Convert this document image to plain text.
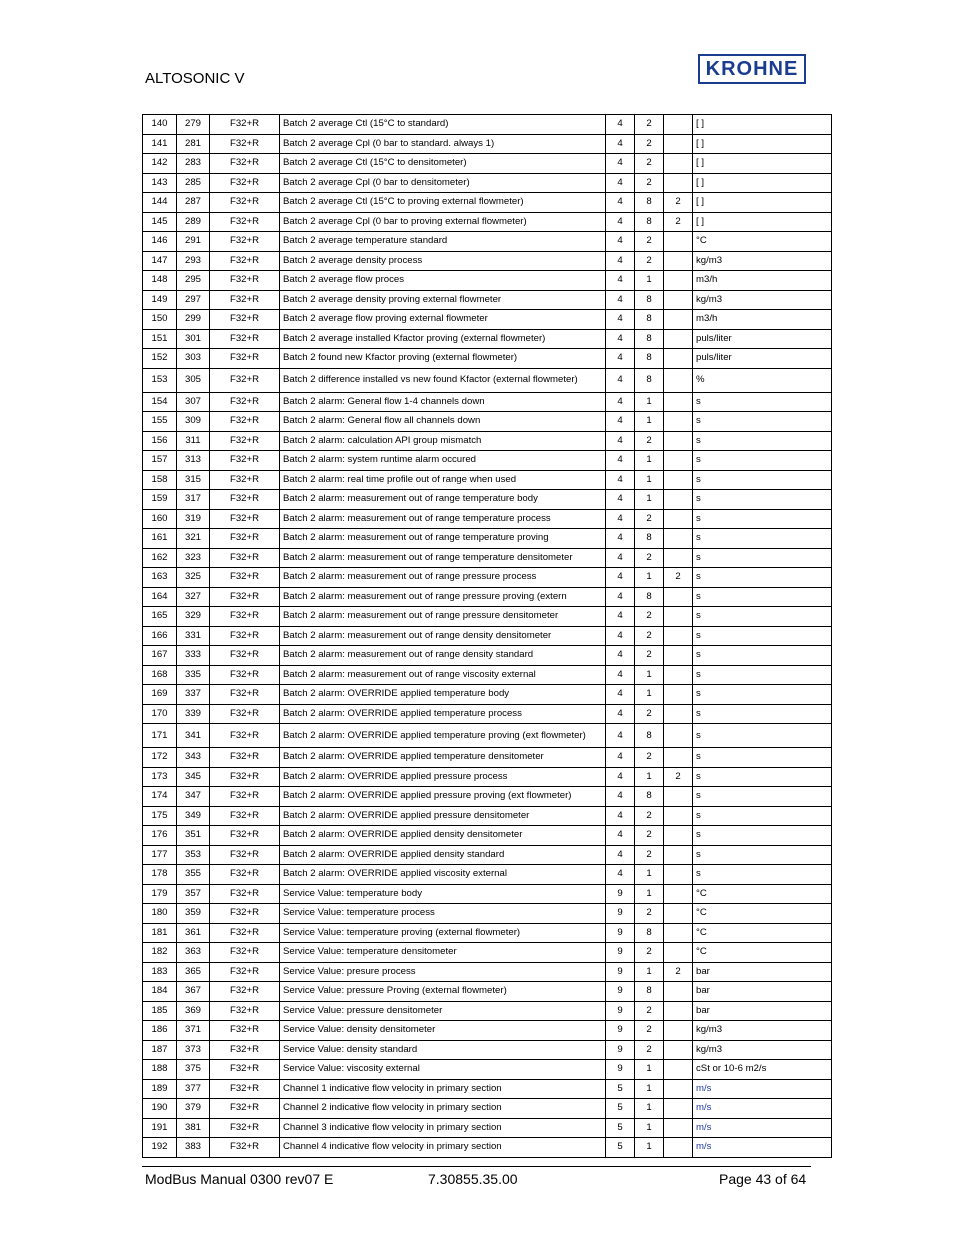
ALTOSONIC V	KROHNE
140	279	F32+R	Batch 2 average Ctl (15°C to standard)	4	2		[ ]
141	281	F32+R	Batch 2 average Cpl (0 bar to standard. always 1)	4	2		[ ]
142	283	F32+R	Batch 2 average Ctl (15°C to densitometer)	4	2		[ ]
143	285	F32+R	Batch 2 average Cpl (0 bar to densitometer)	4	2		[ ]
144	287	F32+R	Batch 2 average Ctl (15°C to proving external flowmeter)	4	8	2	[ ]
145	289	F32+R	Batch 2 average Cpl (0 bar to proving external flowmeter)	4	8	2	[ ]
146	291	F32+R	Batch 2 average temperature standard	4	2		°C
147	293	F32+R	Batch 2 average density process	4	2		kg/m3
148	295	F32+R	Batch 2 average flow proces	4	1		m3/h
149	297	F32+R	Batch 2 average density proving external flowmeter	4	8		kg/m3
150	299	F32+R	Batch 2 average flow proving external flowmeter	4	8		m3/h
151	301	F32+R	Batch 2 average installed Kfactor proving (external flowmeter)	4	8		puls/liter
152	303	F32+R	Batch 2 found new Kfactor proving (external flowmeter)	4	8		puls/liter
153	305	F32+R	Batch 2 difference installed vs new found Kfactor (external flowmeter)	4	8		%
154	307	F32+R	Batch 2 alarm: General flow 1-4 channels down	4	1		s
155	309	F32+R	Batch 2 alarm: General flow all channels down	4	1		s
156	311	F32+R	Batch 2 alarm: calculation API group mismatch	4	2		s
157	313	F32+R	Batch 2 alarm: system runtime alarm occured	4	1		s
158	315	F32+R	Batch 2 alarm: real time profile out of range when used	4	1		s
159	317	F32+R	Batch 2 alarm: measurement out of range temperature body	4	1		s
160	319	F32+R	Batch 2 alarm: measurement out of range temperature process	4	2		s
161	321	F32+R	Batch 2 alarm: measurement out of range temperature proving	4	8		s
162	323	F32+R	Batch 2 alarm: measurement out of range temperature densitometer	4	2		s
163	325	F32+R	Batch 2 alarm: measurement out of range pressure process	4	1	2	s
164	327	F32+R	Batch 2 alarm: measurement out of range pressure proving (extern	4	8		s
165	329	F32+R	Batch 2 alarm: measurement out of range pressure densitometer	4	2		s
166	331	F32+R	Batch 2 alarm: measurement out of range density densitometer	4	2		s
167	333	F32+R	Batch 2 alarm: measurement out of range density standard	4	2		s
168	335	F32+R	Batch 2 alarm: measurement out of range viscosity external	4	1		s
169	337	F32+R	Batch 2 alarm: OVERRIDE applied temperature body	4	1		s
170	339	F32+R	Batch 2 alarm: OVERRIDE applied temperature process	4	2		s
171	341	F32+R	Batch 2 alarm: OVERRIDE applied temperature proving (ext flowmeter)	4	8		s
172	343	F32+R	Batch 2 alarm: OVERRIDE applied temperature densitometer	4	2		s
173	345	F32+R	Batch 2 alarm: OVERRIDE applied pressure process	4	1	2	s
174	347	F32+R	Batch 2 alarm: OVERRIDE applied pressure proving (ext flowmeter)	4	8		s
175	349	F32+R	Batch 2 alarm: OVERRIDE applied pressure densitometer	4	2		s
176	351	F32+R	Batch 2 alarm: OVERRIDE applied density densitometer	4	2		s
177	353	F32+R	Batch 2 alarm: OVERRIDE applied density standard	4	2		s
178	355	F32+R	Batch 2 alarm: OVERRIDE applied viscosity external	4	1		s
179	357	F32+R	Service Value: temperature body	9	1		°C
180	359	F32+R	Service Value: temperature process	9	2		°C
181	361	F32+R	Service Value: temperature proving (external flowmeter)	9	8		°C
182	363	F32+R	Service Value: temperature densitometer	9	2		°C
183	365	F32+R	Service Value: presure process	9	1	2	bar
184	367	F32+R	Service Value: pressure Proving (external flowmeter)	9	8		bar
185	369	F32+R	Service Value: pressure densitometer	9	2		bar
186	371	F32+R	Service Value: density densitometer	9	2		kg/m3
187	373	F32+R	Service Value: density standard	9	2		kg/m3
188	375	F32+R	Service Value: viscosity external	9	1		cSt or 10-6 m2/s
189	377	F32+R	Channel 1 indicative flow velocity in primary section	5	1		m/s
190	379	F32+R	Channel 2 indicative flow velocity in primary section	5	1		m/s
191	381	F32+R	Channel 3 indicative flow velocity in primary section	5	1		m/s
192	383	F32+R	Channel 4 indicative flow velocity in primary section	5	1		m/s
ModBus Manual 0300 rev07 E	7.30855.35.00	Page 43 of 64
